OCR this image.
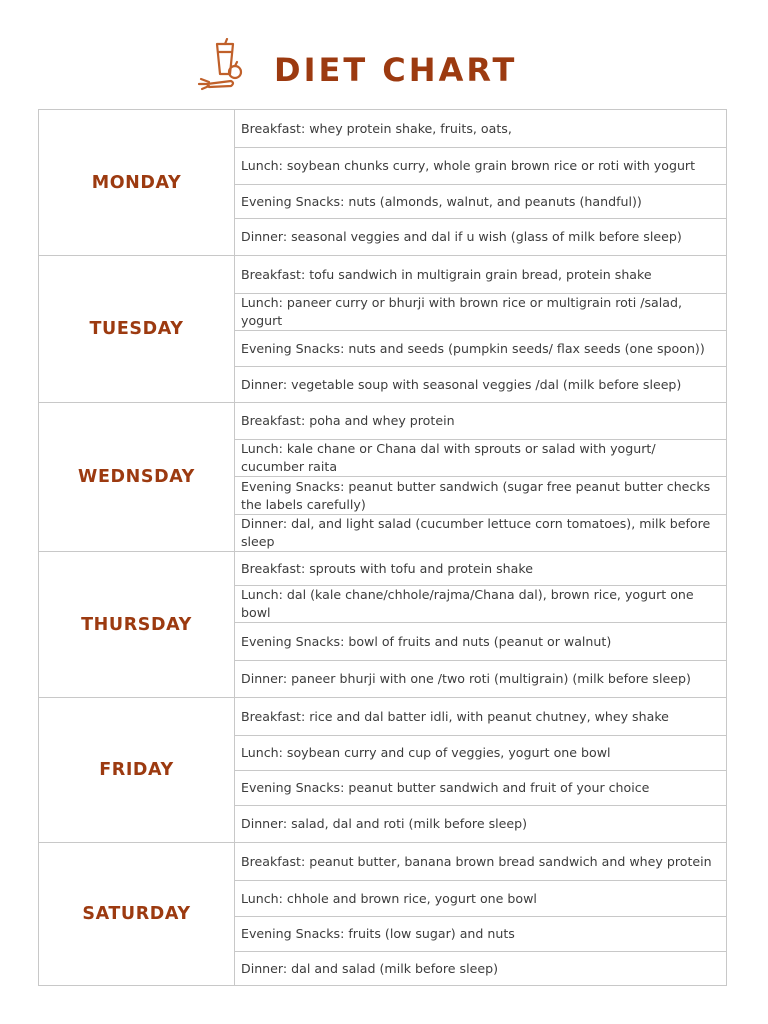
DIET CHART
MONDAY
Breakfast: whey protein shake, fruits, oats,
Lunch: soybean chunks curry, whole grain brown rice or roti with yogurt
Evening Snacks: nuts (almonds, walnut, and peanuts (handful))
Dinner: seasonal veggies and dal if u wish (glass of milk before sleep)
TUESDAY
Breakfast: tofu sandwich in multigrain grain bread, protein shake
Lunch: paneer curry or bhurji with brown rice or multigrain roti /salad, yogurt
Evening Snacks: nuts and seeds (pumpkin seeds/ flax seeds (one spoon))
Dinner: vegetable soup with seasonal veggies /dal (milk before sleep)
WEDNSDAY
Breakfast: poha and whey protein
Lunch: kale chane or Chana dal with sprouts or salad with yogurt/ cucumber raita
Evening Snacks: peanut butter sandwich (sugar free peanut butter checks the labels carefully)
Dinner: dal, and light salad (cucumber lettuce corn tomatoes), milk before sleep
THURSDAY
Breakfast: sprouts with tofu and protein shake
Lunch: dal (kale chane/chhole/rajma/Chana dal), brown rice, yogurt one bowl
Evening Snacks: bowl of fruits and nuts (peanut or walnut)
Dinner: paneer bhurji with one /two roti (multigrain) (milk before sleep)
FRIDAY
Breakfast: rice and dal batter idli, with peanut chutney, whey shake
Lunch: soybean curry and cup of veggies, yogurt one bowl
Evening Snacks: peanut butter sandwich and fruit of your choice
Dinner: salad, dal and roti (milk before sleep)
SATURDAY
Breakfast: peanut butter, banana brown bread sandwich and whey protein
Lunch: chhole and brown rice, yogurt one bowl
Evening Snacks: fruits (low sugar) and nuts
Dinner: dal and salad (milk before sleep)
